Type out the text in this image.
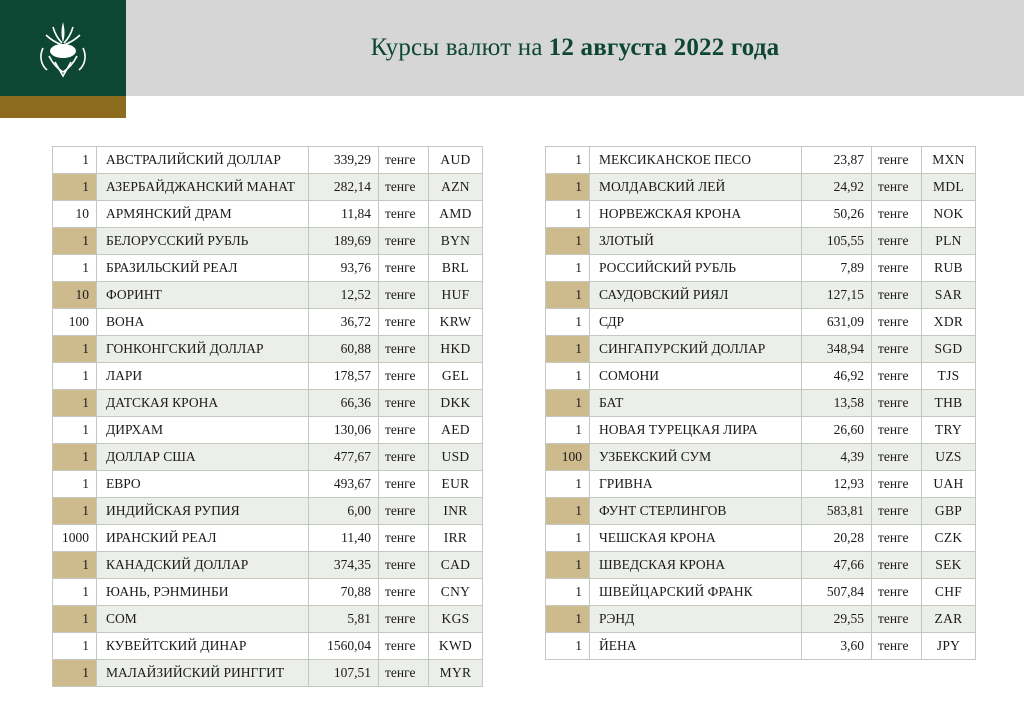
Курсы валют на 12 августа 2022 года
1	АВСТРАЛИЙСКИЙ ДОЛЛАР	339,29	тенге	AUD
1	АЗЕРБАЙДЖАНСКИЙ МАНАТ	282,14	тенге	AZN
10	АРМЯНСКИЙ ДРАМ	11,84	тенге	AMD
1	БЕЛОРУССКИЙ РУБЛЬ	189,69	тенге	BYN
1	БРАЗИЛЬСКИЙ РЕАЛ	93,76	тенге	BRL
10	ФОРИНТ	12,52	тенге	HUF
100	ВОНА	36,72	тенге	KRW
1	ГОНКОНГСКИЙ ДОЛЛАР	60,88	тенге	HKD
1	ЛАРИ	178,57	тенге	GEL
1	ДАТСКАЯ КРОНА	66,36	тенге	DKK
1	ДИРХАМ	130,06	тенге	AED
1	ДОЛЛАР США	477,67	тенге	USD
1	ЕВРО	493,67	тенге	EUR
1	ИНДИЙСКАЯ РУПИЯ	6,00	тенге	INR
1000	ИРАНСКИЙ РЕАЛ	11,40	тенге	IRR
1	КАНАДСКИЙ ДОЛЛАР	374,35	тенге	CAD
1	ЮАНЬ, РЭНМИНБИ	70,88	тенге	CNY
1	СОМ	5,81	тенге	KGS
1	КУВЕЙТСКИЙ ДИНАР	1560,04	тенге	KWD
1	МАЛАЙЗИЙСКИЙ РИНГГИТ	107,51	тенге	MYR
1	МЕКСИКАНСКОЕ ПЕСО	23,87	тенге	MXN
1	МОЛДАВСКИЙ ЛЕЙ	24,92	тенге	MDL
1	НОРВЕЖСКАЯ КРОНА	50,26	тенге	NOK
1	ЗЛОТЫЙ	105,55	тенге	PLN
1	РОССИЙСКИЙ РУБЛЬ	7,89	тенге	RUB
1	САУДОВСКИЙ РИЯЛ	127,15	тенге	SAR
1	СДР	631,09	тенге	XDR
1	СИНГАПУРСКИЙ ДОЛЛАР	348,94	тенге	SGD
1	СОМОНИ	46,92	тенге	TJS
1	БАТ	13,58	тенге	THB
1	НОВАЯ ТУРЕЦКАЯ ЛИРА	26,60	тенге	TRY
100	УЗБЕКСКИЙ СУМ	4,39	тенге	UZS
1	ГРИВНА	12,93	тенге	UAH
1	ФУНТ СТЕРЛИНГОВ	583,81	тенге	GBP
1	ЧЕШСКАЯ КРОНА	20,28	тенге	CZK
1	ШВЕДСКАЯ КРОНА	47,66	тенге	SEK
1	ШВЕЙЦАРСКИЙ ФРАНК	507,84	тенге	CHF
1	РЭНД	29,55	тенге	ZAR
1	ЙЕНА	3,60	тенге	JPY
